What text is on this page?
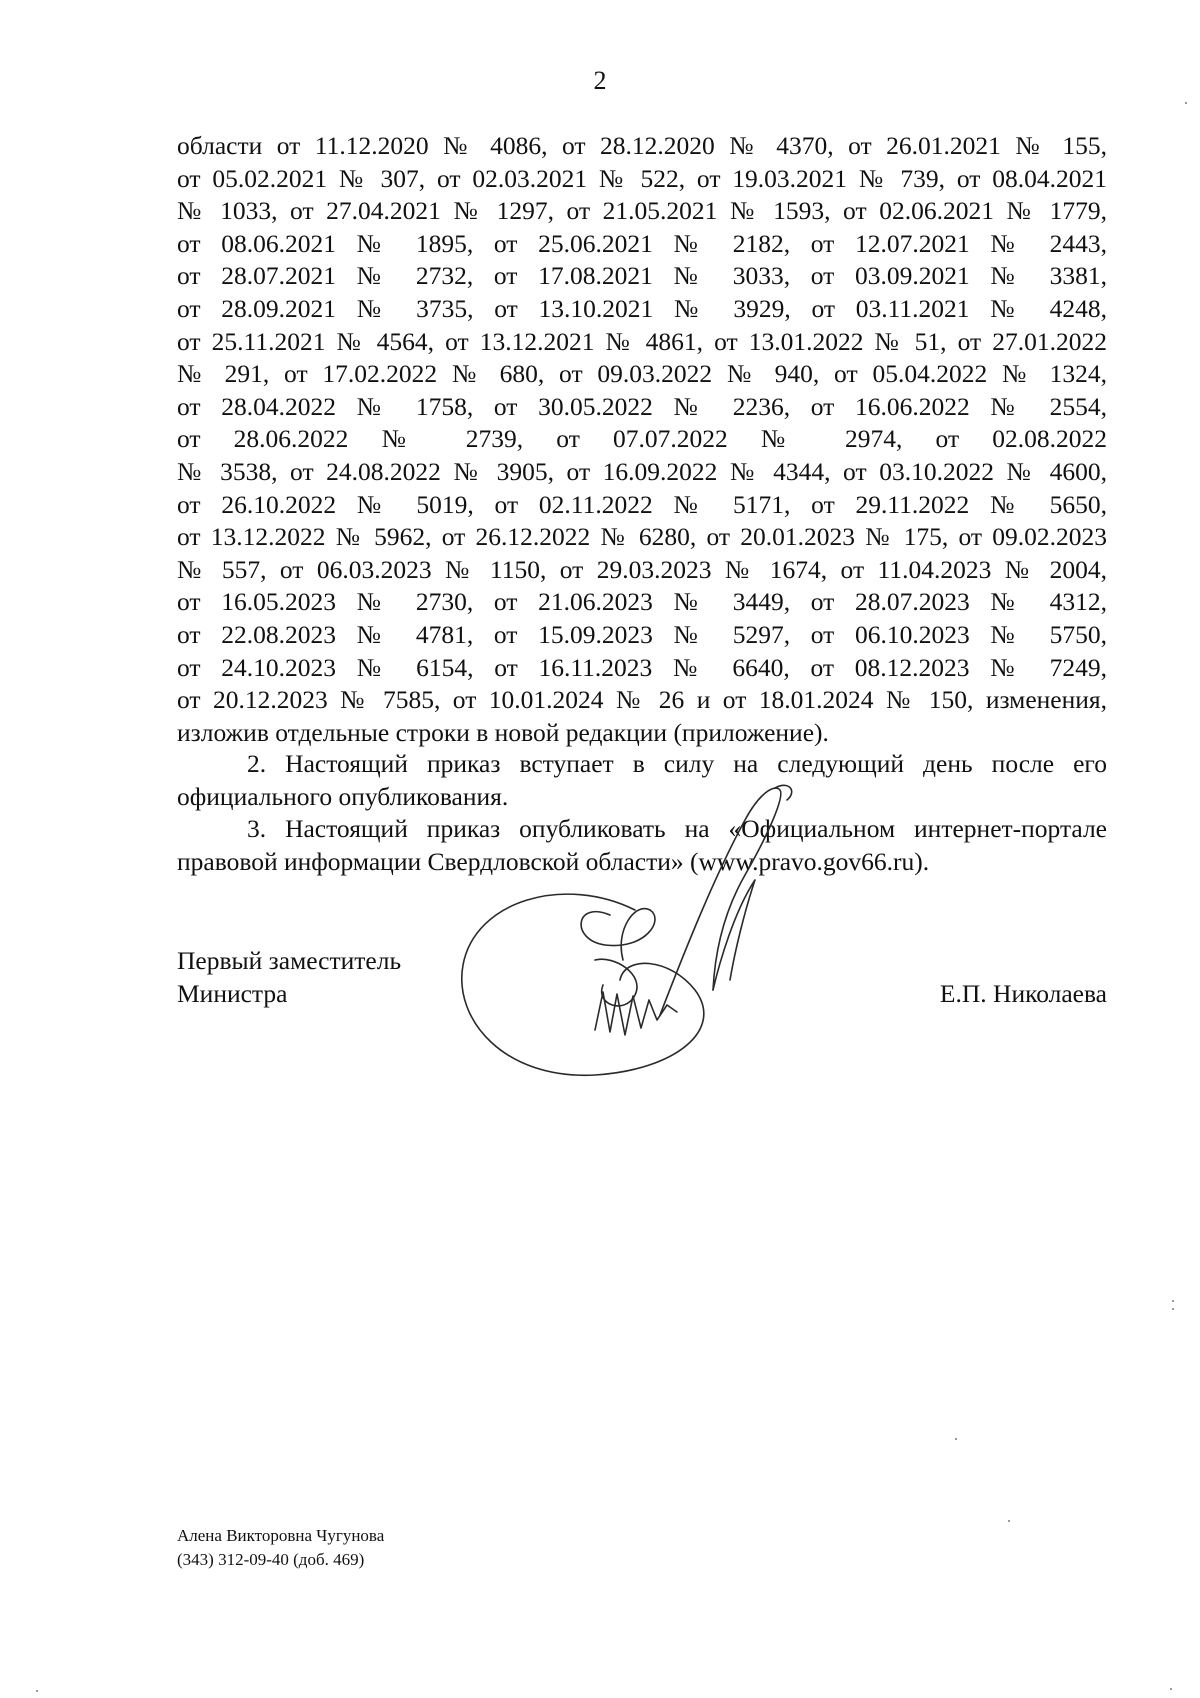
2
области от 11.12.2020 № 4086, от 28.12.2020 № 4370, от 26.01.2021 № 155,
от 05.02.2021 № 307, от 02.03.2021 № 522, от 19.03.2021 № 739, от 08.04.2021
№ 1033, от 27.04.2021 № 1297, от 21.05.2021 № 1593, от 02.06.2021 № 1779,
от 08.06.2021 № 1895, от 25.06.2021 № 2182, от 12.07.2021 № 2443,
от 28.07.2021 № 2732, от 17.08.2021 № 3033, от 03.09.2021 № 3381,
от 28.09.2021 № 3735, от 13.10.2021 № 3929, от 03.11.2021 № 4248,
от 25.11.2021 № 4564, от 13.12.2021 № 4861, от 13.01.2022 № 51, от 27.01.2022
№ 291, от 17.02.2022 № 680, от 09.03.2022 № 940, от 05.04.2022 № 1324,
от 28.04.2022 № 1758, от 30.05.2022 № 2236, от 16.06.2022 № 2554,
от 28.06.2022 № 2739, от 07.07.2022 № 2974, от 02.08.2022
№ 3538, от 24.08.2022 № 3905, от 16.09.2022 № 4344, от 03.10.2022 № 4600,
от 26.10.2022 № 5019, от 02.11.2022 № 5171, от 29.11.2022 № 5650,
от 13.12.2022 № 5962, от 26.12.2022 № 6280, от 20.01.2023 № 175, от 09.02.2023
№ 557, от 06.03.2023 № 1150, от 29.03.2023 № 1674, от 11.04.2023 № 2004,
от 16.05.2023 № 2730, от 21.06.2023 № 3449, от 28.07.2023 № 4312,
от 22.08.2023 № 4781, от 15.09.2023 № 5297, от 06.10.2023 № 5750,
от 24.10.2023 № 6154, от 16.11.2023 № 6640, от 08.12.2023 № 7249,
от 20.12.2023 № 7585, от 10.01.2024 № 26 и от 18.01.2024 № 150, изменения,
изложив отдельные строки в новой редакции (приложение).
2. Настоящий приказ вступает в силу на следующий день после его
официального опубликования.
3. Настоящий приказ опубликовать на «Официальном интернет-портале
правовой информации Свердловской области» (www.pravo.gov66.ru).
Первый заместитель
Министра	Е.П. Николаева
Алена Викторовна Чугунова
(343) 312-09-40 (доб. 469)
